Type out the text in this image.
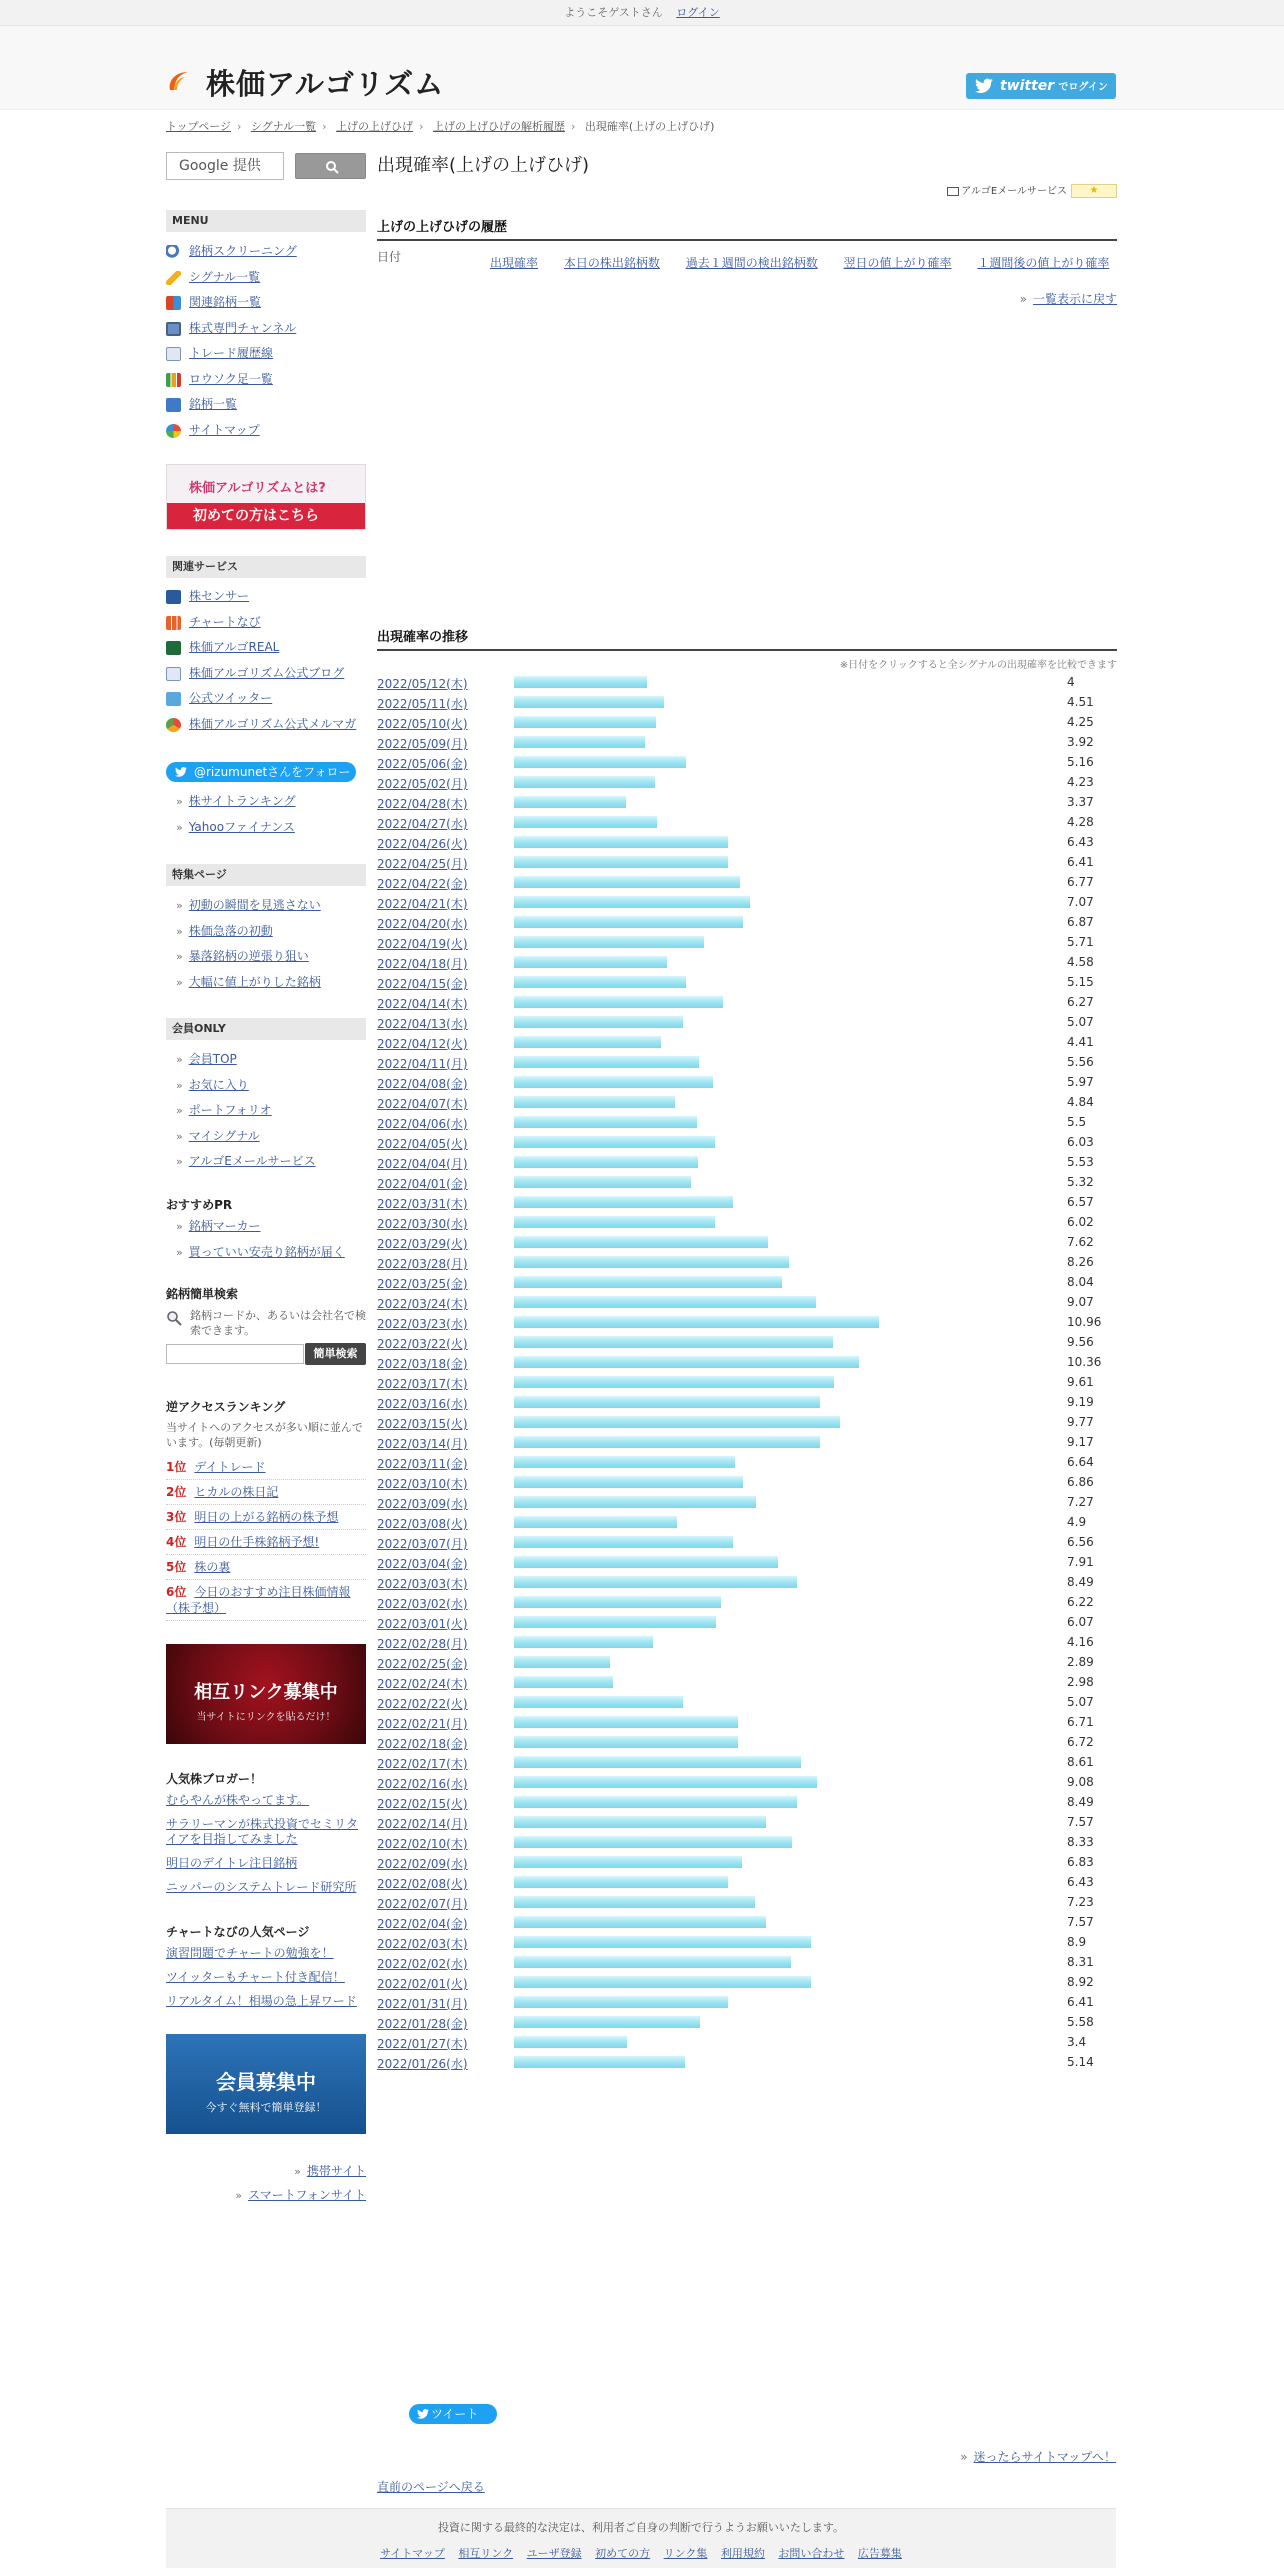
ようこそゲストさん ログイン
株価アルゴリズム	twitter でログイン
トップページ › シグナル一覧 › 上げの上げひげ › 上げの上げひげの解析履歴 › 出現確率(上げの上げひげ)
Google 提供
MENU
銘柄スクリーニング
シグナル一覧
関連銘柄一覧
株式専門チャンネル
トレード履歴線
ロウソク足一覧
銘柄一覧
サイトマップ
株価アルゴリズムとは?
初めての方はこちら
関連サービス
株センサー
チャートなび
株価アルゴREAL
株価アルゴリズム公式ブログ
公式ツイッター
株価アルゴリズム公式メルマガ
@rizumunetさんをフォロー
» 株サイトランキング
» Yahooファイナンス
特集ページ
» 初動の瞬間を見逃さない
» 株価急落の初動
» 暴落銘柄の逆張り狙い
» 大幅に値上がりした銘柄
会員ONLY
» 会員TOP
» お気に入り
» ポートフォリオ
» マイシグナル
» アルゴEメールサービス
おすすめPR
» 銘柄マーカー
» 買っていい安売り銘柄が届く
銘柄簡単検索
銘柄コードか、あるいは会社名で検索できます。
簡単検索
逆アクセスランキング
当サイトへのアクセスが多い順に並んでいます。(毎朝更新)
1位 デイトレード
2位 ヒカルの株日記
3位 明日の上がる銘柄の株予想
4位 明日の仕手株銘柄予想!
5位 株の裏
6位 今日のおすすめ注目株価情報（株予想）
相互リンク募集中
当サイトにリンクを貼るだけ！
人気株ブロガー！
むらやんが株やってます。
サラリーマンが株式投資でセミリタイアを目指してみました
明日のデイトレ注目銘柄
ニッパーのシステムトレード研究所
チャートなびの人気ページ
演習問題でチャートの勉強を！
ツイッターもチャート付き配信！
リアルタイム！相場の急上昇ワード
会員募集中
今すぐ無料で簡単登録！
» 携帯サイト
» スマートフォンサイト
出現確率(上げの上げひげ)
アルゴEメールサービス ★
上げの上げひげの履歴
日付	出現確率 本日の株出銘柄数 過去１週間の検出銘柄数 翌日の値上がり確率 １週間後の値上がり確率
» 一覧表示に戻す
出現確率の推移
※日付をクリックすると全シグナルの出現確率を比較できます
2022/05/12(木)	4
2022/05/11(水)	4.51
2022/05/10(火)	4.25
2022/05/09(月)	3.92
2022/05/06(金)	5.16
2022/05/02(月)	4.23
2022/04/28(木)	3.37
2022/04/27(水)	4.28
2022/04/26(火)	6.43
2022/04/25(月)	6.41
2022/04/22(金)	6.77
2022/04/21(木)	7.07
2022/04/20(水)	6.87
2022/04/19(火)	5.71
2022/04/18(月)	4.58
2022/04/15(金)	5.15
2022/04/14(木)	6.27
2022/04/13(水)	5.07
2022/04/12(火)	4.41
2022/04/11(月)	5.56
2022/04/08(金)	5.97
2022/04/07(木)	4.84
2022/04/06(水)	5.5
2022/04/05(火)	6.03
2022/04/04(月)	5.53
2022/04/01(金)	5.32
2022/03/31(木)	6.57
2022/03/30(水)	6.02
2022/03/29(火)	7.62
2022/03/28(月)	8.26
2022/03/25(金)	8.04
2022/03/24(木)	9.07
2022/03/23(水)	10.96
2022/03/22(火)	9.56
2022/03/18(金)	10.36
2022/03/17(木)	9.61
2022/03/16(水)	9.19
2022/03/15(火)	9.77
2022/03/14(月)	9.17
2022/03/11(金)	6.64
2022/03/10(木)	6.86
2022/03/09(水)	7.27
2022/03/08(火)	4.9
2022/03/07(月)	6.56
2022/03/04(金)	7.91
2022/03/03(木)	8.49
2022/03/02(水)	6.22
2022/03/01(火)	6.07
2022/02/28(月)	4.16
2022/02/25(金)	2.89
2022/02/24(木)	2.98
2022/02/22(火)	5.07
2022/02/21(月)	6.71
2022/02/18(金)	6.72
2022/02/17(木)	8.61
2022/02/16(水)	9.08
2022/02/15(火)	8.49
2022/02/14(月)	7.57
2022/02/10(木)	8.33
2022/02/09(水)	6.83
2022/02/08(火)	6.43
2022/02/07(月)	7.23
2022/02/04(金)	7.57
2022/02/03(木)	8.9
2022/02/02(水)	8.31
2022/02/01(火)	8.92
2022/01/31(月)	6.41
2022/01/28(金)	5.58
2022/01/27(木)	3.4
2022/01/26(水)	5.14
ツイート
» 迷ったらサイトマップへ！
直前のページへ戻る
投資に関する最終的な決定は、利用者ご自身の判断で行うようお願いいたします。
サイトマップ 相互リンク ユーザ登録 初めての方 リンク集 利用規約 お問い合わせ 広告募集
